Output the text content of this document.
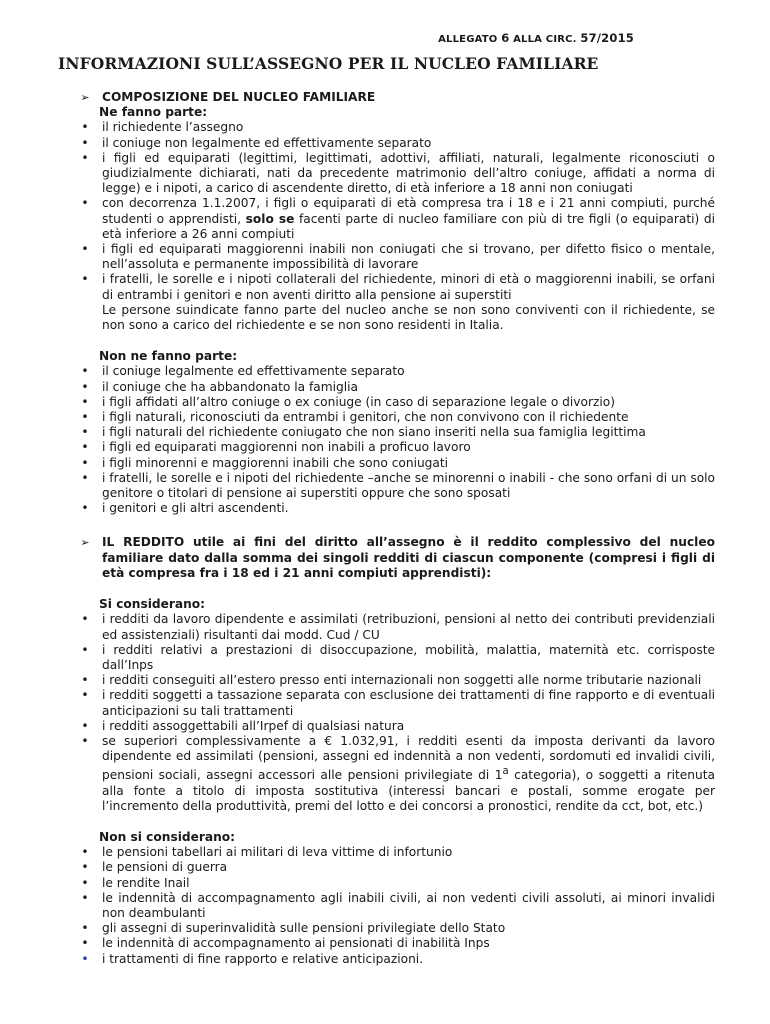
ALLEGATO 6 ALLA CIRC. 57/2015
INFORMAZIONI SULL’ASSEGNO PER IL NUCLEO FAMILIARE
➢ COMPOSIZIONE DEL NUCLEO FAMILIARE
Ne fanno parte:
• il richiedente l’assegno
• il coniuge non legalmente ed effettivamente separato
• i figli ed equiparati (legittimi, legittimati, adottivi, affiliati, naturali, legalmente riconosciuti o giudizialmente dichiarati, nati da precedente matrimonio dell’altro coniuge, affidati a norma di legge) e i nipoti, a carico di ascendente diretto, di età inferiore a 18 anni non coniugati
• con decorrenza 1.1.2007, i figli o equiparati di età compresa tra i 18 e i 21 anni compiuti, purché studenti o apprendisti, solo se facenti parte di nucleo familiare con più di tre figli (o equiparati) di età inferiore a 26 anni compiuti
• i figli ed equiparati maggiorenni inabili non coniugati che si trovano, per difetto fisico o mentale, nell’assoluta e permanente impossibilità di lavorare
• i fratelli, le sorelle e i nipoti collaterali del richiedente, minori di età o maggiorenni inabili, se orfani di entrambi i genitori e non aventi diritto alla pensione ai superstiti
Le persone suindicate fanno parte del nucleo anche se non sono conviventi con il richiedente, se non sono a carico del richiedente e se non sono residenti in Italia.
Non ne fanno parte:
• il coniuge legalmente ed effettivamente separato
• il coniuge che ha abbandonato la famiglia
• i figli affidati all’altro coniuge o ex coniuge (in caso di separazione legale o divorzio)
• i figli naturali, riconosciuti da entrambi i genitori, che non convivono con il richiedente
• i figli naturali del richiedente coniugato che non siano inseriti nella sua famiglia legittima
• i figli ed equiparati maggiorenni non inabili a proficuo lavoro
• i figli minorenni e maggiorenni inabili che sono coniugati
• i fratelli, le sorelle e i nipoti del richiedente –anche se minorenni o inabili - che sono orfani di un solo genitore o titolari di pensione ai superstiti oppure che sono sposati
• i genitori e gli altri ascendenti.
➢ IL REDDITO utile ai fini del diritto all’assegno è il reddito complessivo del nucleo familiare dato dalla somma dei singoli redditi di ciascun componente (compresi i figli di età compresa fra i 18 ed i 21 anni compiuti apprendisti):
Si considerano:
• i redditi da lavoro dipendente e assimilati (retribuzioni, pensioni al netto dei contributi previdenziali ed assistenziali) risultanti dai modd. Cud / CU
• i redditi relativi a prestazioni di disoccupazione, mobilità, malattia, maternità etc. corrisposte dall’Inps
• i redditi conseguiti all’estero presso enti internazionali non soggetti alle norme tributarie nazionali
• i redditi soggetti a tassazione separata con esclusione dei trattamenti di fine rapporto e di eventuali anticipazioni su tali trattamenti
• i redditi assoggettabili all’Irpef di qualsiasi natura
• se superiori complessivamente a € 1.032,91, i redditi esenti da imposta derivanti da lavoro dipendente ed assimilati (pensioni, assegni ed indennità a non vedenti, sordomuti ed invalidi civili, pensioni sociali, assegni accessori alle pensioni privilegiate di 1$^a$ categoria), o soggetti a ritenuta alla fonte a titolo di imposta sostitutiva (interessi bancari e postali, somme erogate per l’incremento della produttività, premi del lotto e dei concorsi a pronostici, rendite da cct, bot, etc.)
Non si considerano:
• le pensioni tabellari ai militari di leva vittime di infortunio
• le pensioni di guerra
• le rendite Inail
• le indennità di accompagnamento agli inabili civili, ai non vedenti civili assoluti, ai minori invalidi non deambulanti
• gli assegni di superinvalidità sulle pensioni privilegiate dello Stato
• le indennità di accompagnamento ai pensionati di inabilità Inps
• i trattamenti di fine rapporto e relative anticipazioni.
